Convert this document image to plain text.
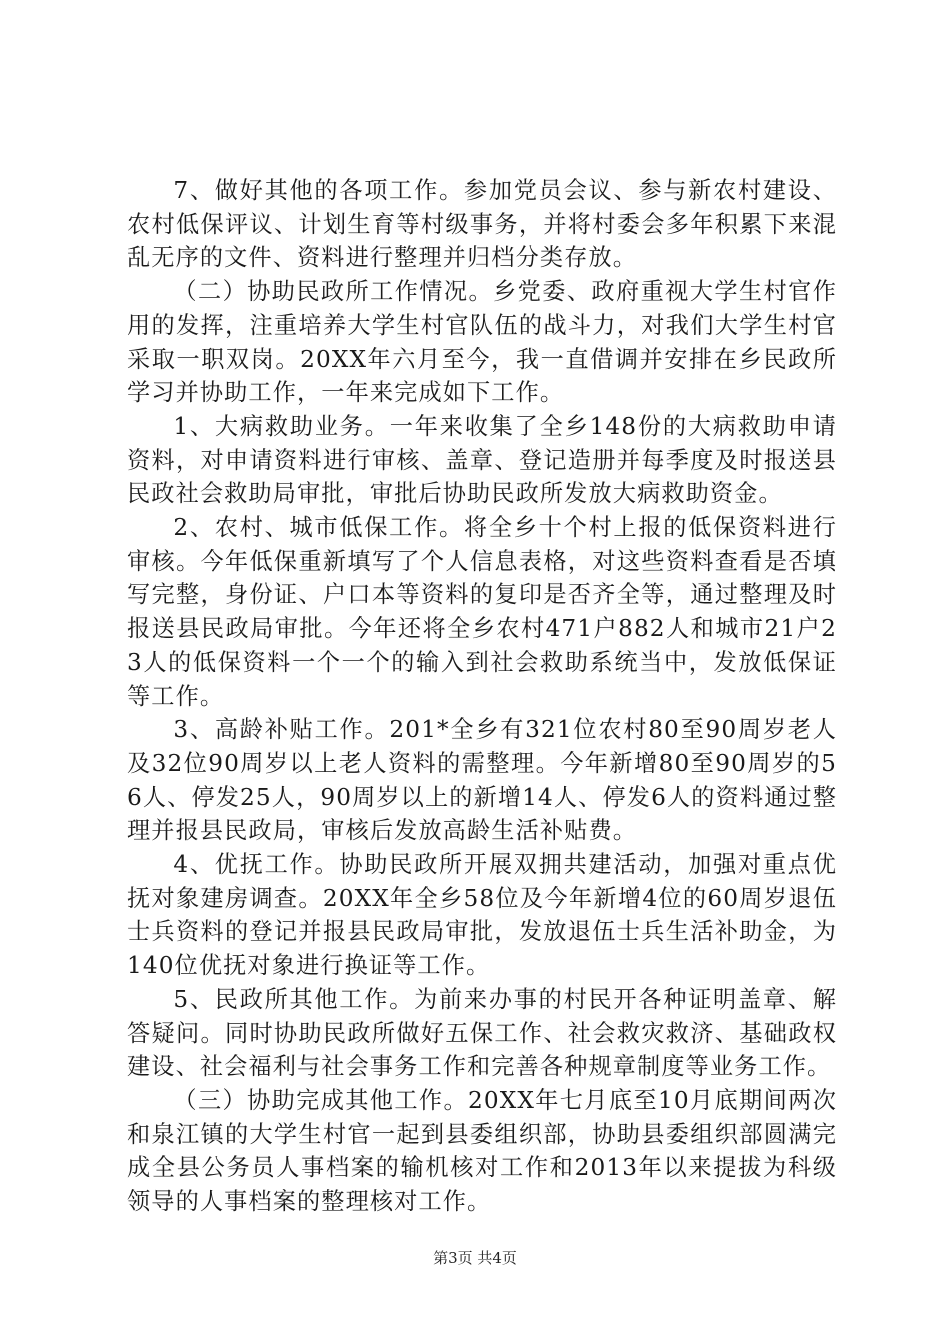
7、做好其他的各项工作。参加党员会议、参与新农村建设、农村低保评议、计划生育等村级事务，并将村委会多年积累下来混乱无序的文件、资料进行整理并归档分类存放。

（二）协助民政所工作情况。乡党委、政府重视大学生村官作用的发挥，注重培养大学生村官队伍的战斗力，对我们大学生村官采取一职双岗。20XX年六月至今，我一直借调并安排在乡民政所学习并协助工作，一年来完成如下工作。

1、大病救助业务。一年来收集了全乡148份的大病救助申请资料，对申请资料进行审核、盖章、登记造册并每季度及时报送县民政社会救助局审批，审批后协助民政所发放大病救助资金。

2、农村、城市低保工作。将全乡十个村上报的低保资料进行审核。今年低保重新填写了个人信息表格，对这些资料查看是否填写完整，身份证、户口本等资料的复印是否齐全等，通过整理及时报送县民政局审批。今年还将全乡农村471户882人和城市21户23人的低保资料一个一个的输入到社会救助系统当中，发放低保证等工作。

3、高龄补贴工作。201*全乡有321位农村80至90周岁老人及32位90周岁以上老人资料的需整理。今年新增80至90周岁的56人、停发25人，90周岁以上的新增14人、停发6人的资料通过整理并报县民政局，审核后发放高龄生活补贴费。

4、优抚工作。协助民政所开展双拥共建活动，加强对重点优抚对象建房调查。20XX年全乡58位及今年新增4位的60周岁退伍士兵资料的登记并报县民政局审批，发放退伍士兵生活补助金，为140位优抚对象进行换证等工作。

5、民政所其他工作。为前来办事的村民开各种证明盖章、解答疑问。同时协助民政所做好五保工作、社会救灾救济、基础政权建设、社会福利与社会事务工作和完善各种规章制度等业务工作。

（三）协助完成其他工作。20XX年七月底至10月底期间两次和泉江镇的大学生村官一起到县委组织部，协助县委组织部圆满完成全县公务员人事档案的输机核对工作和2013年以来提拔为科级领导的人事档案的整理核对工作。

第3页 共4页
